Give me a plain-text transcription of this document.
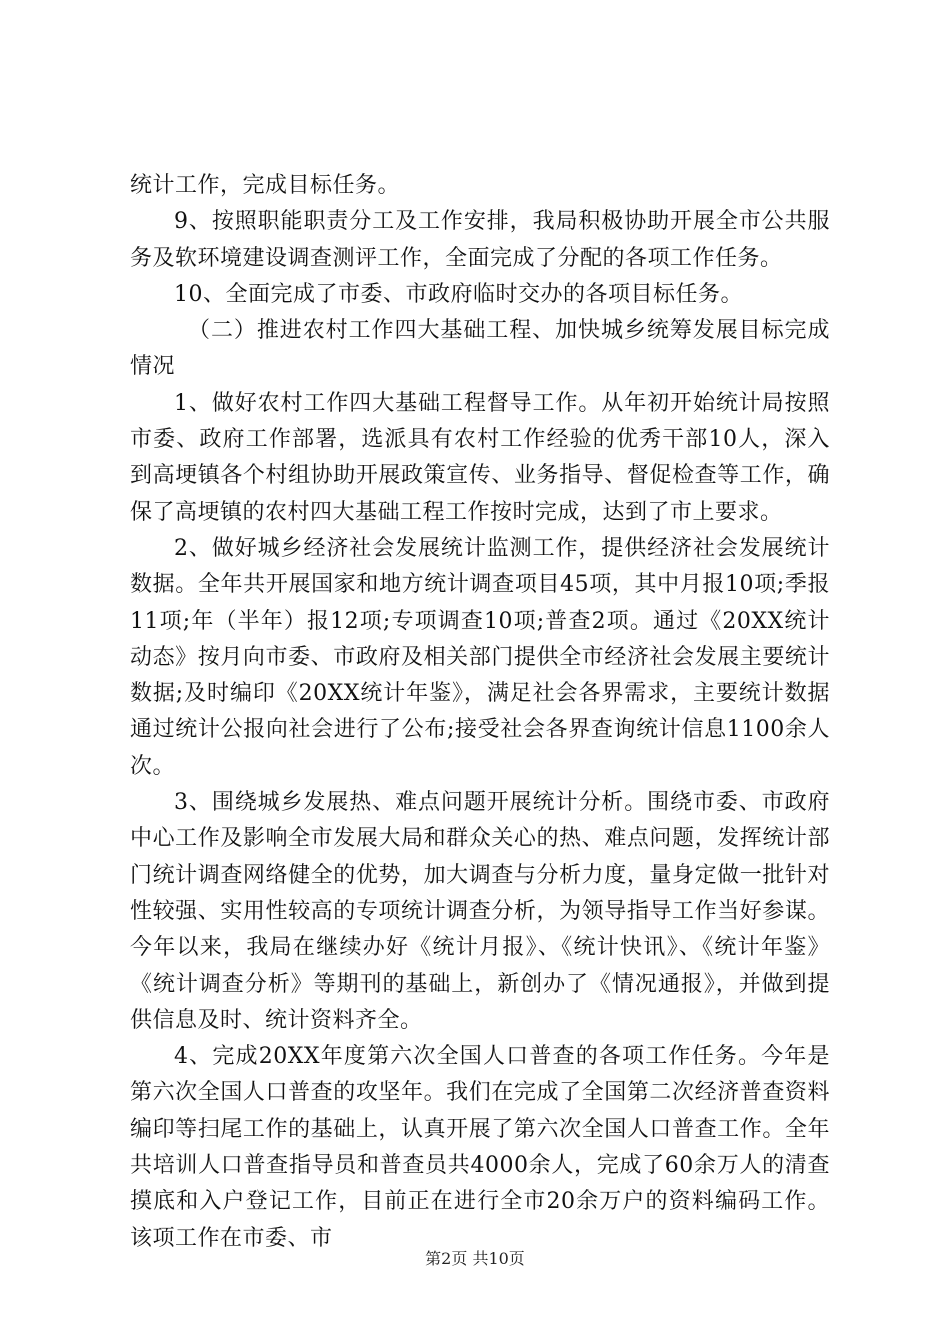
统计工作，完成目标任务。

9、按照职能职责分工及工作安排，我局积极协助开展全市公共服务及软环境建设调查测评工作，全面完成了分配的各项工作任务。

10、全面完成了市委、市政府临时交办的各项目标任务。

（二）推进农村工作四大基础工程、加快城乡统筹发展目标完成情况

1、做好农村工作四大基础工程督导工作。从年初开始统计局按照市委、政府工作部署，选派具有农村工作经验的优秀干部10人，深入到高埂镇各个村组协助开展政策宣传、业务指导、督促检查等工作，确保了高埂镇的农村四大基础工程工作按时完成，达到了市上要求。

2、做好城乡经济社会发展统计监测工作，提供经济社会发展统计数据。全年共开展国家和地方统计调查项目45项，其中月报10项;季报11项;年（半年）报12项;专项调查10项;普查2项。通过《20XX统计动态》按月向市委、市政府及相关部门提供全市经济社会发展主要统计数据;及时编印《20XX统计年鉴》，满足社会各界需求，主要统计数据通过统计公报向社会进行了公布;接受社会各界查询统计信息1100余人次。

3、围绕城乡发展热、难点问题开展统计分析。围绕市委、市政府中心工作及影响全市发展大局和群众关心的热、难点问题，发挥统计部门统计调查网络健全的优势，加大调查与分析力度，量身定做一批针对性较强、实用性较高的专项统计调查分析，为领导指导工作当好参谋。今年以来，我局在继续办好《统计月报》、《统计快讯》、《统计年鉴》《统计调查分析》等期刊的基础上，新创办了《情况通报》，并做到提供信息及时、统计资料齐全。

4、完成20XX年度第六次全国人口普查的各项工作任务。今年是第六次全国人口普查的攻坚年。我们在完成了全国第二次经济普查资料编印等扫尾工作的基础上，认真开展了第六次全国人口普查工作。全年共培训人口普查指导员和普查员共4000余人，完成了60余万人的清查摸底和入户登记工作，目前正在进行全市20余万户的资料编码工作。该项工作在市委、市

第2页 共10页
